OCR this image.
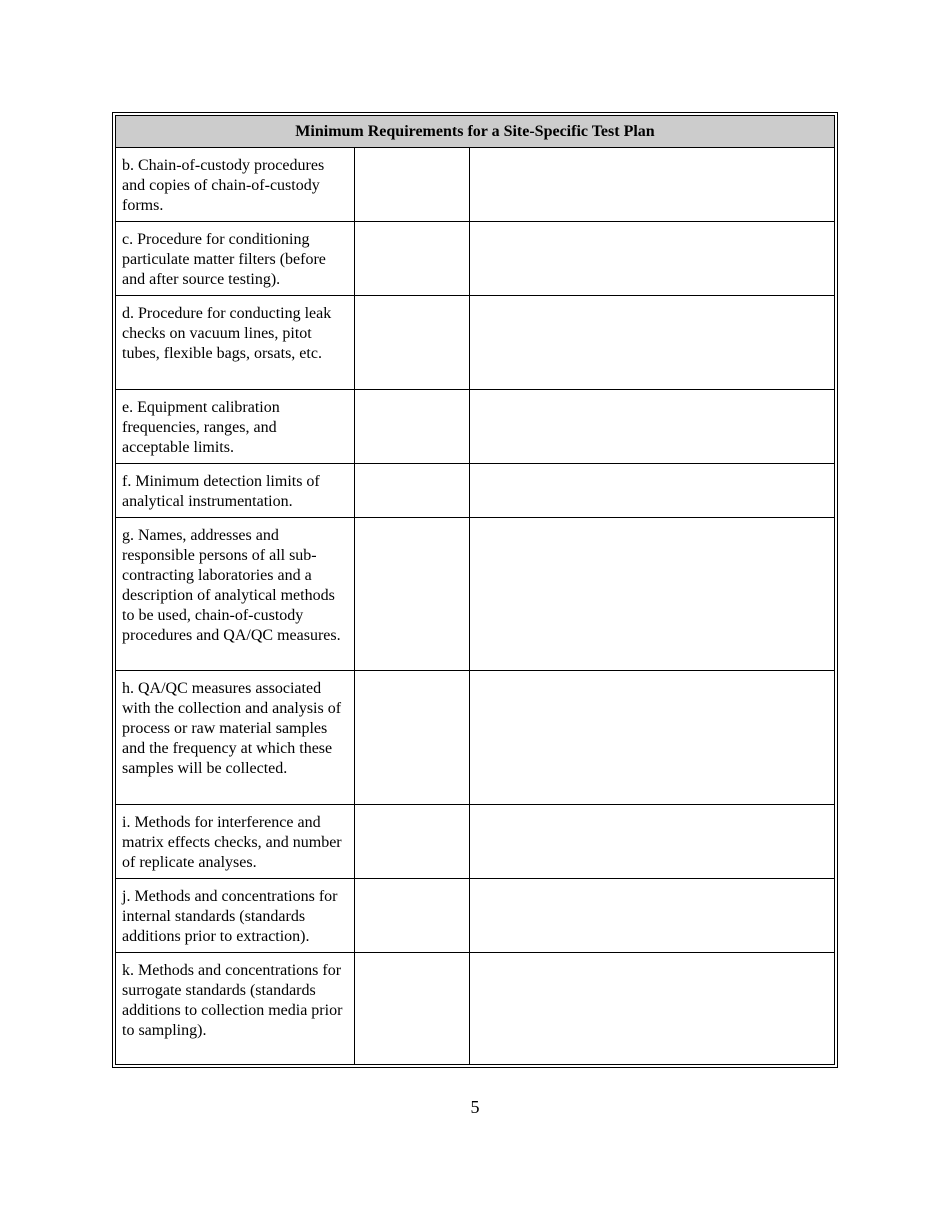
Minimum Requirements for a Site-Specific Test Plan		
b. Chain-of-custody procedures and copies of chain-of-custody forms.		
c. Procedure for conditioning particulate matter filters (before and after source testing).		
d. Procedure for conducting leak checks on vacuum lines, pitot tubes, flexible bags, orsats, etc.		
e. Equipment calibration frequencies, ranges, and acceptable limits.		
f. Minimum detection limits of analytical instrumentation.		
g. Names, addresses and responsible persons of all sub-contracting laboratories and a description of analytical methods to be used, chain-of-custody procedures and QA/QC measures.		
h. QA/QC measures associated with the collection and analysis of process or raw material samples and the frequency at which these samples will be collected.		
i. Methods for interference and matrix effects checks, and number of replicate analyses.		
j. Methods and concentrations for internal standards (standards additions prior to extraction).		
k. Methods and concentrations for surrogate standards (standards additions to collection media prior to sampling).		
5
